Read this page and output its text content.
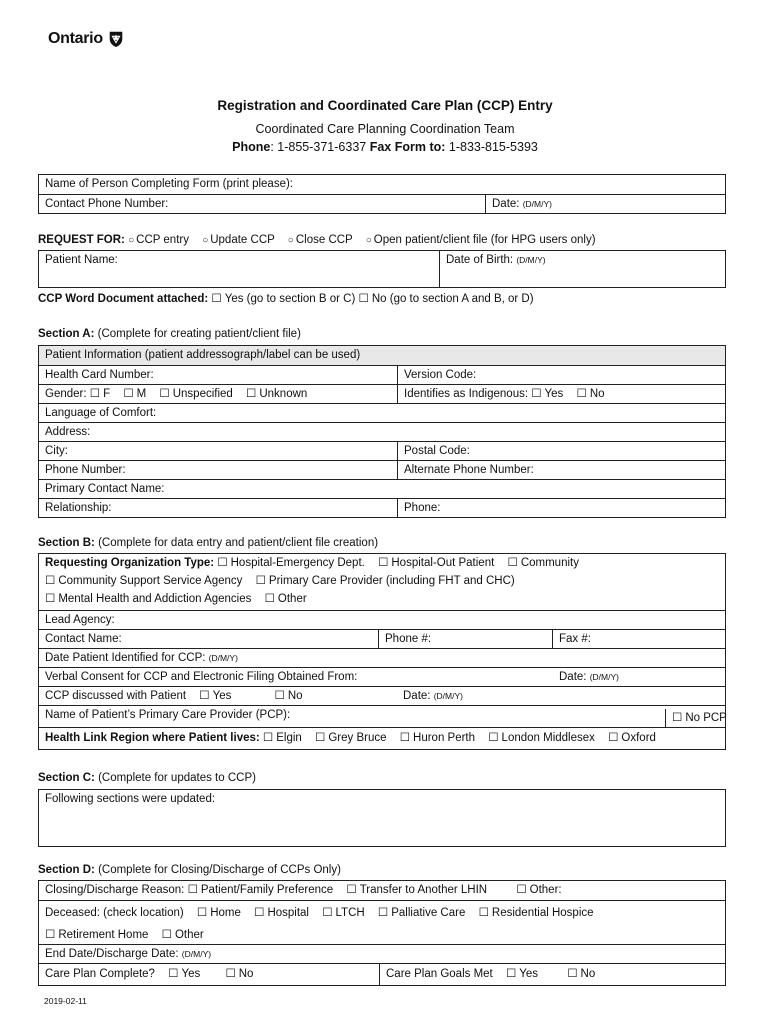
Ontario
Registration and Coordinated Care Plan (CCP) Entry
Coordinated Care Planning Coordination Team
Phone: 1-855-371-6337 Fax Form to: 1-833-815-5393
Name of Person Completing Form (print please):
Contact Phone Number:	Date: (D/M/Y)
REQUEST FOR: ○ CCP entry ○ Update CCP ○ Close CCP ○ Open patient/client file (for HPG users only)
Patient Name:	Date of Birth: (D/M/Y)
CCP Word Document attached: ☐ Yes (go to section B or C) ☐ No (go to section A and B, or D)
Section A: (Complete for creating patient/client file)
Patient Information (patient addressograph/label can be used)
Health Card Number:	Version Code:
Gender: ☐ F ☐ M ☐ Unspecified ☐ Unknown	Identifies as Indigenous: ☐ Yes ☐ No
Language of Comfort:
Address:
City:	Postal Code:
Phone Number:	Alternate Phone Number:
Primary Contact Name:
Relationship:	Phone:
Section B: (Complete for data entry and patient/client file creation)
Requesting Organization Type: ☐ Hospital-Emergency Dept. ☐ Hospital-Out Patient ☐ Community
☐ Community Support Service Agency ☐ Primary Care Provider (including FHT and CHC)
☐ Mental Health and Addiction Agencies ☐ Other
Lead Agency:
Contact Name:	Phone #:	Fax #:
Date Patient Identified for CCP: (D/M/Y)
Verbal Consent for CCP and Electronic Filing Obtained From:	Date: (D/M/Y)
CCP discussed with Patient ☐ Yes	☐ No	Date: (D/M/Y)
Name of Patient’s Primary Care Provider (PCP):	☐ No PCP
Health Link Region where Patient lives: ☐ Elgin ☐ Grey Bruce ☐ Huron Perth ☐ London Middlesex ☐ Oxford
Section C: (Complete for updates to CCP)
Following sections were updated:
Section D: (Complete for Closing/Discharge of CCPs Only)
Closing/Discharge Reason: ☐ Patient/Family Preference ☐ Transfer to Another LHIN	☐ Other:
Deceased: (check location) ☐ Home ☐ Hospital ☐ LTCH ☐ Palliative Care ☐ Residential Hospice
☐ Retirement Home ☐ Other
End Date/Discharge Date: (D/M/Y)
Care Plan Complete? ☐ Yes	☐ No	Care Plan Goals Met ☐ Yes	☐ No
2019-02-11
